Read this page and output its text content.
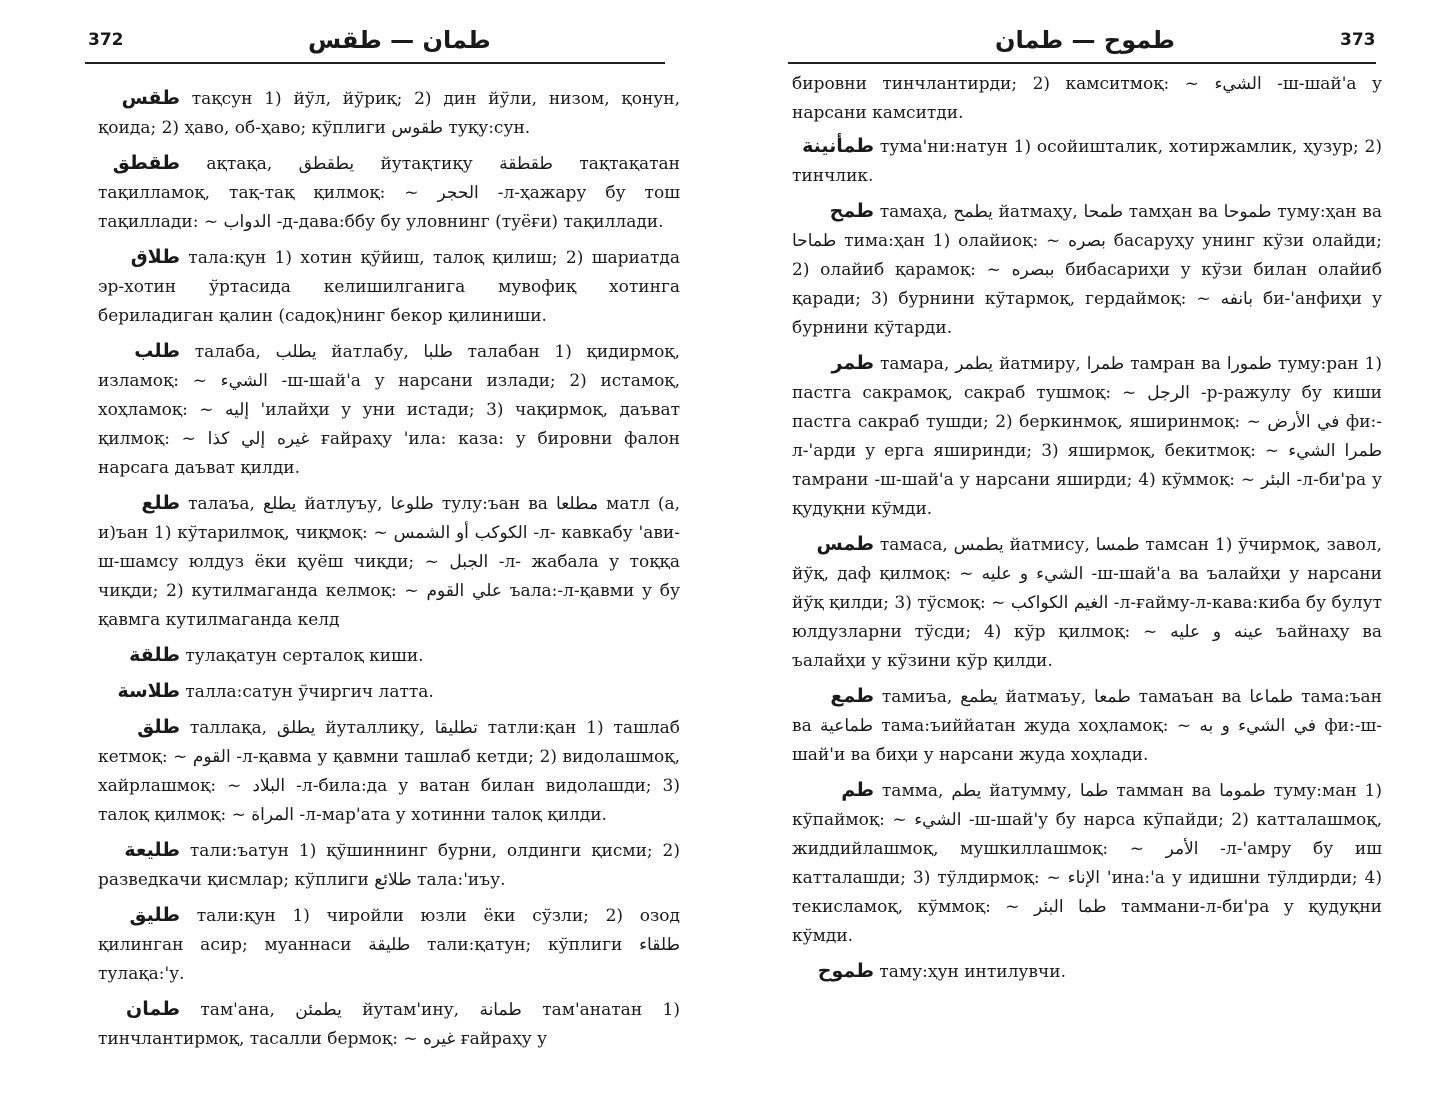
372	طمان — طقس
طقس тақсун 1) йўл, йўриқ; 2) дин йўли, низом, қонун, қоида; 2) ҳаво, об-ҳаво; кўплиги طقوس туқу:сун.
طقطق ақтақа, يطقطق йутақтиқу طقطقة тақтақатан тақилламоқ, тақ-тақ қилмоқ: ~ الحجر -л-ҳажару бу тош тақиллади: ~ الدواب -д-дава:ббу бу уловнинг (туёғи) тақиллади.
طلاق тала:қун 1) хотин қўйиш, талоқ қилиш; 2) шариатда эр-хотин ўртасида келишилганига мувофиқ хотинга бериладиган қалин (садоқ)нинг бекор қилиниши.
طلب талаба, يطلب йатлабу, طلبا талабан 1) қидирмоқ, изламоқ: ~ الشيء -ш-шай'а у нарсани излади; 2) истамоқ, хоҳламоқ: ~ إليه 'илайҳи у уни истади; 3) чақирмоқ, даъват қилмоқ: ~ غيره إلي كذا ғайраҳу 'ила: каза: у бировни фалон нарсага даъват қилди.
طلع талаъа, يطلع йатлуъу, طلوعا тулу:ъан ва مطلعا матл (а, и)ъан 1) кўтарилмоқ, чиқмоқ: ~ الكوكب أو الشمس -л- кавкабу 'ави-ш-шамсу юлдуз ёки қуёш чиқди; ~ الجبل -л- жабала у тоққа чиқди; 2) кутилмаганда келмоқ: ~ علي القوم ъала:-л-қавми у бу қавмга кутилмаганда келд
طلقة тулақатун серталоқ киши.
طلاسة талла:сатун ўчиргич латта.
طلق таллақа, يطلق йуталлиқу, تطليقا татли:қан 1) ташлаб кетмоқ: ~ القوم -л-қавма у қавмни ташлаб кетди; 2) видолашмоқ, хайрлашмоқ: ~ البلاد -л-била:да у ватан билан видолашди; 3) талоқ қилмоқ: ~ المراة -л-мар'ата у хотинни талоқ қилди.
طليعة тали:ъатун 1) қўшиннинг бурни, олдинги қисми; 2) разведкачи қисмлар; кўплиги طلائع тала:'иъу.
طليق тали:қун 1) чиройли юзли ёки сўзли; 2) озод қилинган асир; муаннаси طليقة тали:қатун; кўплиги طلقاء тулақа:'у.
طمان там'ана, يطمئن йутам'ину, طمانة там'анатан 1) тинчлантирмоқ, тасалли бермоқ: ~ غيره ғайраҳу у
طموح — طمان	373
бировни тинчлантирди; 2) камситмоқ: ~ الشيء -ш-шай'а у нарсани камситди.
طمأنينة тума'ни:натун 1) осойишталик, хотиржамлик, ҳузур; 2) тинчлик.
طمح тамаҳа, يطمح йатмаҳу, طمحا тамҳан ва طموحا туму:ҳан ва طماحا тима:ҳан 1) олайиоқ: ~ بصره басаруҳу унинг кўзи олайди; 2) олайиб қарамоқ: ~ ببصره бибасариҳи у кўзи билан олайиб қаради; 3) бурнини кўтармоқ, гердаймоқ: ~ بانفه би-'анфиҳи у бурнини кўтарди.
طمر тамара, يطمر йатмиру, طمرا тамран ва طمورا туму:ран 1) пастга сакрамоқ, сакраб тушмоқ: ~ الرجل -р-ражулу бу киши пастга сакраб тушди; 2) беркинмоқ, яширинмоқ: ~ في الأرض фи:-л-'арди у ерга яширинди; 3) яширмоқ, бекитмоқ: ~ طمرا الشيء тамрани -ш-шай'а у нарсани яширди; 4) кўммоқ: ~ البئر -л-би'ра у қудуқни кўмди.
طمس тамаса, يطمس йатмису, طمسا тамсан 1) ўчирмоқ, завол, йўқ, даф қилмоқ: ~ الشيء و عليه -ш-шай'а ва ъалайҳи у нарсани йўқ қилди; 3) тўсмоқ: ~ الغيم الكواكب -л-ғайму-л-кава:киба бу булут юлдузларни тўсди; 4) кўр қилмоқ: ~ عينه و عليه ъайнаҳу ва ъалайҳи у кўзини кўр қилди.
طمع тамиъа, يطمع йатмаъу, طمعا тамаъан ва طماعا тама:ъан ва طماعية тама:ъиййатан жуда хоҳламоқ: ~ في الشيء و به фи:-ш-шай'и ва биҳи у нарсани жуда хоҳлади.
طم тамма, يطم йатумму, طما тамман ва طموما туму:ман 1) кўпаймоқ: ~ الشيء -ш-шай'у бу нарса кўпайди; 2) катталашмоқ, жиддийлашмоқ, мушкиллашмоқ: ~ الأمر -л-'амру бу иш катталашди; 3) тўлдирмоқ: ~ الإناء 'ина:'а у идишни тўлдирди; 4) текисламоқ, кўммоқ: ~ طما البئر таммани-л-би'ра у қудуқни кўмди.
طموح таму:ҳун интилувчи.
